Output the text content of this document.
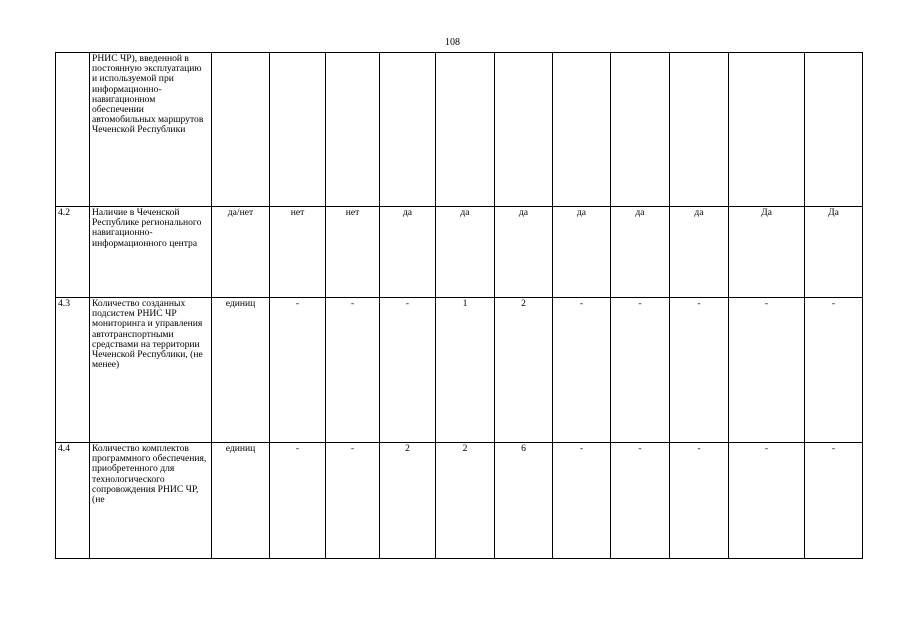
108
	РНИС ЧР), введенной в постоянную эксплуатацию и используемой при информационно-навигационном обеспечении автомобильных маршрутов Чеченской Республики											
4.2	Наличие в Чеченской Республике регионального навигационно-информационного центра	да/нет	нет	нет	да	да	да	да	да	да	Да	Да
4.3	Количество созданных подсистем РНИС ЧР мониторинга и управления автотранспортными средствами на территории Чеченской Республики, (не менее)	единиц	-	-	-	1	2	-	-	-	-	-
4.4	Количество комплектов программного обеспечения, приобретенного для технологического сопровождения РНИС ЧР, (не	единиц	-	-	2	2	6	-	-	-	-	-
